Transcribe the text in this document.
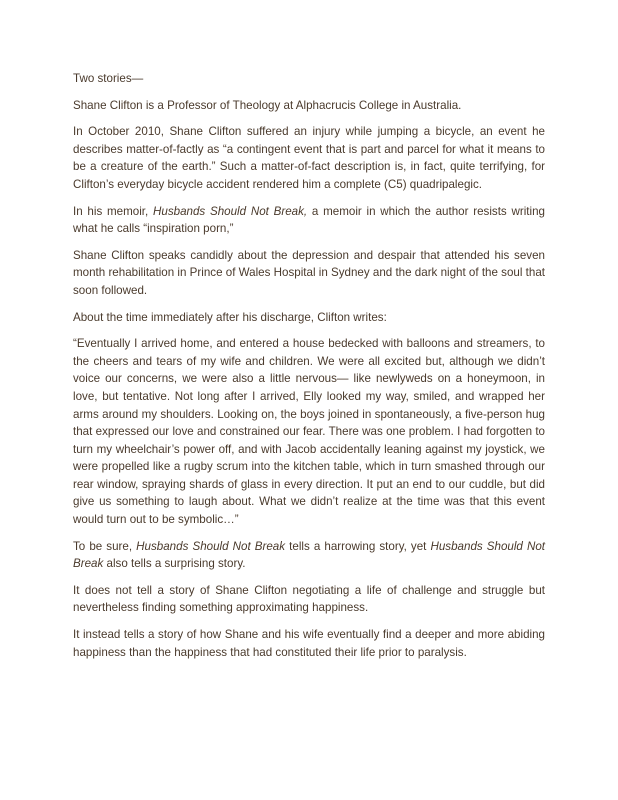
Two stories—

Shane Clifton is a Professor of Theology at Alphacrucis College in Australia.

In October 2010, Shane Clifton suffered an injury while jumping a bicycle, an event he describes matter-of-factly as “a contingent event that is part and parcel for what it means to be a creature of the earth.” Such a matter-of-fact description is, in fact, quite terrifying, for Clifton’s everyday bicycle accident rendered him a complete (C5) quadripalegic.

In his memoir, Husbands Should Not Break, a memoir in which the author resists writing what he calls “inspiration porn,”

Shane Clifton speaks candidly about the depression and despair that attended his seven month rehabilitation in Prince of Wales Hospital in Sydney and the dark night of the soul that soon followed.

About the time immediately after his discharge, Clifton writes:

“Eventually I arrived home, and entered a house bedecked with balloons and streamers, to the cheers and tears of my wife and children. We were all excited but, although we didn’t voice our concerns, we were also a little nervous— like newlyweds on a honeymoon, in love, but tentative. Not long after I arrived, Elly looked my way, smiled, and wrapped her arms around my shoulders. Looking on, the boys joined in spontaneously, a five-person hug that expressed our love and constrained our fear. There was one problem. I had forgotten to turn my wheelchair’s power off, and with Jacob accidentally leaning against my joystick, we were propelled like a rugby scrum into the kitchen table, which in turn smashed through our rear window, spraying shards of glass in every direction. It put an end to our cuddle, but did give us something to laugh about. What we didn’t realize at the time was that this event would turn out to be symbolic…”

To be sure, Husbands Should Not Break tells a harrowing story, yet Husbands Should Not Break also tells a surprising story.

It does not tell a story of Shane Clifton negotiating a life of challenge and struggle but nevertheless finding something approximating happiness.

It instead tells a story of how Shane and his wife eventually find a deeper and more abiding happiness than the happiness that had constituted their life prior to paralysis.
